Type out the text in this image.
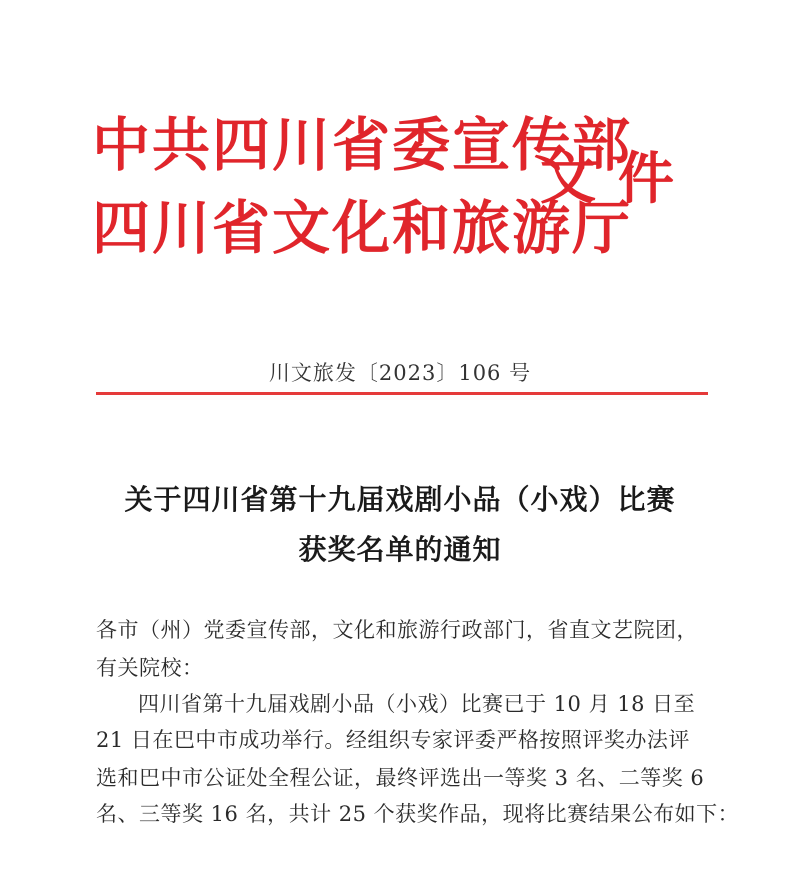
中共四川省委宣传部
四川省文化和旅游厅
文件
川文旅发〔2023〕106 号
关于四川省第十九届戏剧小品（小戏）比赛
获奖名单的通知
各市（州）党委宣传部，文化和旅游行政部门，省直文艺院团，
有关院校：
四川省第十九届戏剧小品（小戏）比赛已于 10 月 18 日至
21 日在巴中市成功举行。经组织专家评委严格按照评奖办法评
选和巴中市公证处全程公证，最终评选出一等奖 3 名、二等奖 6
名、三等奖 16 名，共计 25 个获奖作品，现将比赛结果公布如下：
